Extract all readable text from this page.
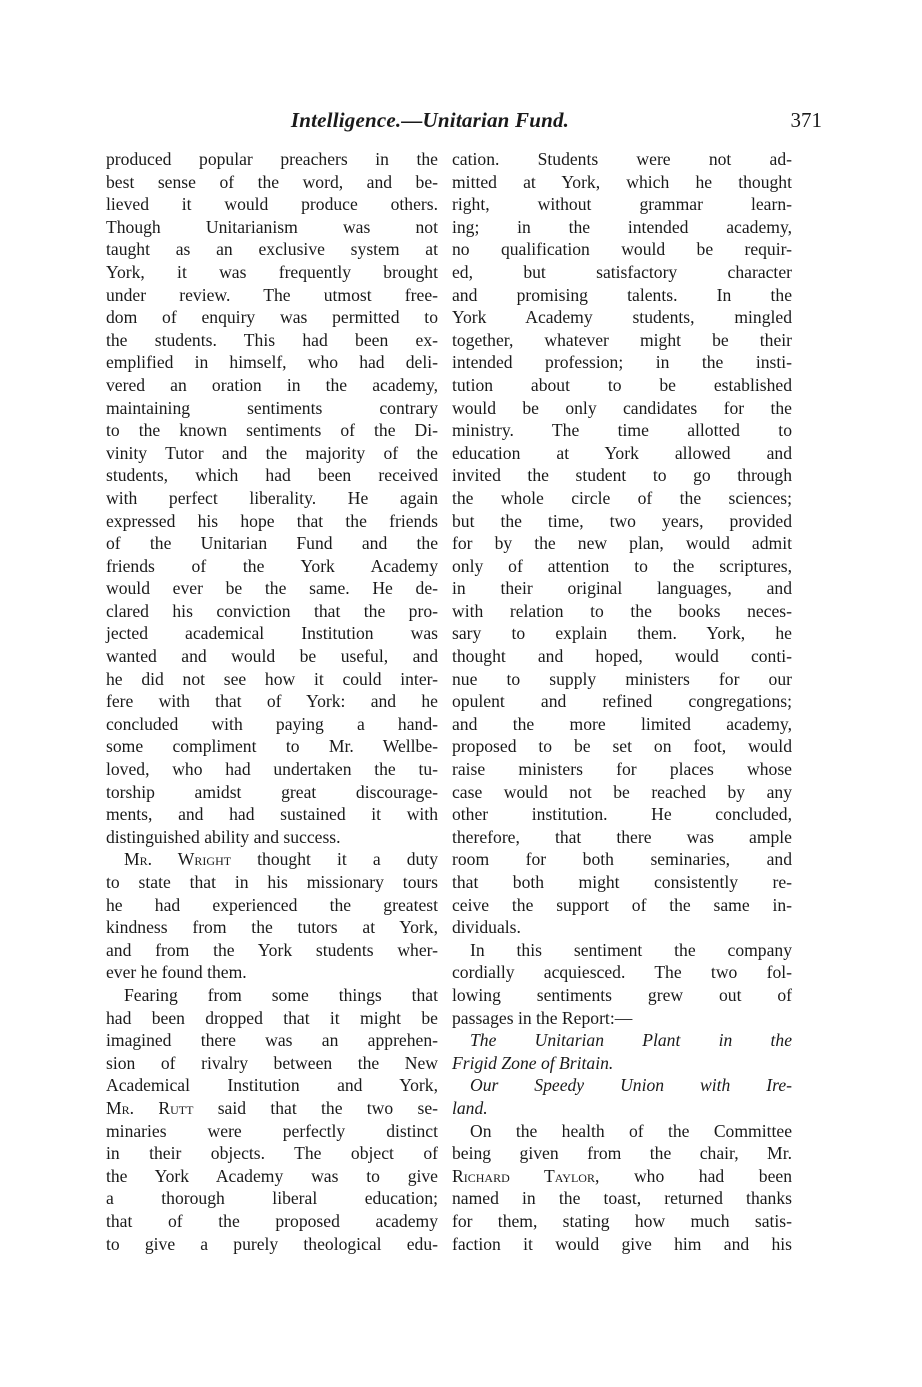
Intelligence.—Unitarian Fund.	371
produced popular preachers in the
best sense of the word, and be-
lieved it would produce others.
Though Unitarianism was not
taught as an exclusive system at
York, it was frequently brought
under review. The utmost free-
dom of enquiry was permitted to
the students. This had been ex-
emplified in himself, who had deli-
vered an oration in the academy,
maintaining sentiments contrary
to the known sentiments of the Di-
vinity Tutor and the majority of the
students, which had been received
with perfect liberality. He again
expressed his hope that the friends
of the Unitarian Fund and the
friends of the York Academy
would ever be the same. He de-
clared his conviction that the pro-
jected academical Institution was
wanted and would be useful, and
he did not see how it could inter-
fere with that of York: and he
concluded with paying a hand-
some compliment to Mr. Wellbe-
loved, who had undertaken the tu-
torship amidst great discourage-
ments, and had sustained it with
distinguished ability and success.
Mr. Wright thought it a duty
to state that in his missionary tours
he had experienced the greatest
kindness from the tutors at York,
and from the York students wher-
ever he found them.
Fearing from some things that
had been dropped that it might be
imagined there was an apprehen-
sion of rivalry between the New
Academical Institution and York,
Mr. Rutt said that the two se-
minaries were perfectly distinct
in their objects. The object of
the York Academy was to give
a thorough liberal education;
that of the proposed academy
to give a purely theological edu-
cation. Students were not ad-
mitted at York, which he thought
right, without grammar learn-
ing; in the intended academy,
no qualification would be requir-
ed, but satisfactory character
and promising talents. In the
York Academy students, mingled
together, whatever might be their
intended profession; in the insti-
tution about to be established
would be only candidates for the
ministry. The time allotted to
education at York allowed and
invited the student to go through
the whole circle of the sciences;
but the time, two years, provided
for by the new plan, would admit
only of attention to the scriptures,
in their original languages, and
with relation to the books neces-
sary to explain them. York, he
thought and hoped, would conti-
nue to supply ministers for our
opulent and refined congregations;
and the more limited academy,
proposed to be set on foot, would
raise ministers for places whose
case would not be reached by any
other institution. He concluded,
therefore, that there was ample
room for both seminaries, and
that both might consistently re-
ceive the support of the same in-
dividuals.
In this sentiment the company
cordially acquiesced. The two fol-
lowing sentiments grew out of
passages in the Report:—
The Unitarian Plant in the
Frigid Zone of Britain.
Our Speedy Union with Ire-
land.
On the health of the Committee
being given from the chair, Mr.
Richard Taylor, who had been
named in the toast, returned thanks
for them, stating how much satis-
faction it would give him and his
